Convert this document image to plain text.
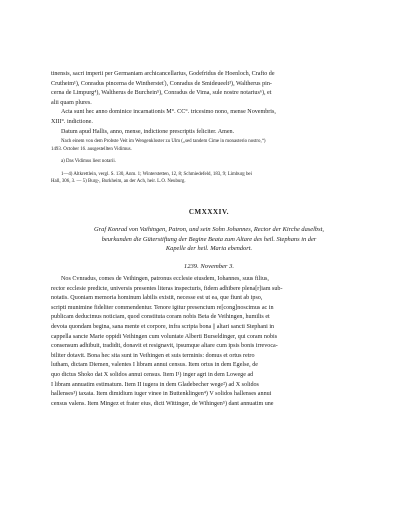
tinensis, sacri imperii per Germaniam archicancellarius, Godefridus de Hoenloch, Crafto de
Crutheim¹), Conradus pincerna de Winthersteť), Conradus de Smideueelt³), Waltherus pin-
cerna de Limpurg⁴), Waltherus de Burchein⁵), Conradus de Vima, sule nostre notarius⁶), et
alii quam plures.

Acta sunt hec anno dominice incarnationis M°. CC°. tricesimo nono, mense Novembris,
XIII°. indictione.

Datum apud Hallis, anno, mense, indictione prescriptis feliciter. Amen.

Nach einem von dem Probste Veit im Wengenkloster zu Ulm („sed tandem Cime in monasterio nostro,“)
1493. October 16. ausgestellten Vidimus.

a) Das Vidimus liest notarii.

1—4) Altkrettlein, vergl. S. 130, Anm. 1; Winterstetten, 12, 8; Schmiedefeld, 183, 9; Limburg bei
Hall, 306, 3. — 5) Burg-, Burkheim, an der Ach, heir. L.O. Neuburg.

CMXXXIV.

Graf Konrad von Vaihingen, Patron, und sein Sohn Johannes, Rector der Kirche daselbst,
beurkunden die Güterstiftung der Begine Beata zum Altare des heil. Stephans in der
Kapelle der heil. Maria ebendort.

1239. November 3.

Nos Cvnradus, comes de Veihingen, patronus ecclesie eiusdem, Iohannes, suus filius,
rector ecclesie predicte, universis presentes literas inspecturis, fidem adhibere plena[r]iam sub-
notatis. Quoniam memoria hominum labilis existit, necesse est ut ea, que fiunt ab ipso,
scripti munimine fideliter commendentur. Tenore igitur presencium re[cong]noscimus ac in
publicam deducimus noticiam, quod constituta coram nobis Beta de Veihingen, humilis et
devota quondam begina, sana mente et corpore, infra scripta bona || altari sancti Stephani in
cappella sancte Marie oppidi Veihingen cum voluntate Alberti Burseldinger, qui coram nobis
consensum adhibuit, tradidit, donavit et resignavit, ipsumque altare cum ipsis bonis irrevoca-
biliter dotavit. Bona hec sita sunt in Veihingen et suis terminis: domus et ortus retro
lutham, dictam Diemen, valentes I libram annui census. Item ortus in dem Egelse, de
quo dictus Shoko dat X solidos annui census. Item I¹) inger agri in dem Lowege ad
I libram annuatim estimatum. Item II iugera in dem Gladebecher wege²) ad X solidos
hallenses³) taxata. Item dimidium iuger vinee in Buttenklingen⁴) V solidos hallenses annui
census valens. Item Mingez et frater eius, dicti Wittinger, de Wihingen⁵) dant annuatim une
